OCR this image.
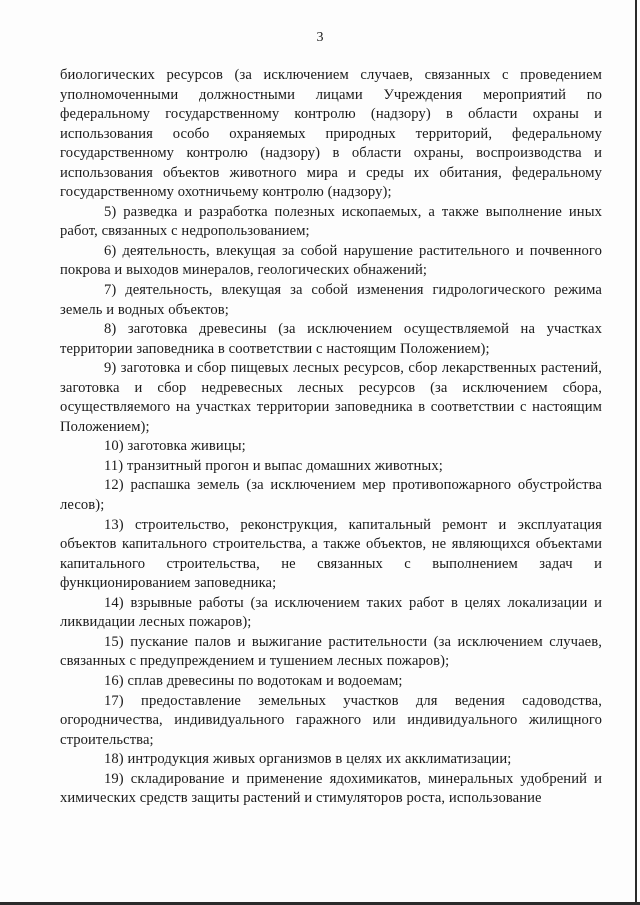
3

биологических ресурсов (за исключением случаев, связанных с проведением уполномоченными должностными лицами Учреждения мероприятий по федеральному государственному контролю (надзору) в области охраны и использования особо охраняемых природных территорий, федеральному государственному контролю (надзору) в области охраны, воспроизводства и использования объектов животного мира и среды их обитания, федеральному государственному охотничьему контролю (надзору);

5) разведка и разработка полезных ископаемых, а также выполнение иных работ, связанных с недропользованием;

6) деятельность, влекущая за собой нарушение растительного и почвенного покрова и выходов минералов, геологических обнажений;

7) деятельность, влекущая за собой изменения гидрологического режима земель и водных объектов;

8) заготовка древесины (за исключением осуществляемой на участках территории заповедника в соответствии с настоящим Положением);

9) заготовка и сбор пищевых лесных ресурсов, сбор лекарственных растений, заготовка и сбор недревесных лесных ресурсов (за исключением сбора, осуществляемого на участках территории заповедника в соответствии с настоящим Положением);

10) заготовка живицы;

11) транзитный прогон и выпас домашних животных;

12) распашка земель (за исключением мер противопожарного обустройства лесов);

13) строительство, реконструкция, капитальный ремонт и эксплуатация объектов капитального строительства, а также объектов, не являющихся объектами капитального строительства, не связанных с выполнением задач и функционированием заповедника;

14) взрывные работы (за исключением таких работ в целях локализации и ликвидации лесных пожаров);

15) пускание палов и выжигание растительности (за исключением случаев, связанных с предупреждением и тушением лесных пожаров);

16) сплав древесины по водотокам и водоемам;

17) предоставление земельных участков для ведения садоводства, огородничества, индивидуального гаражного или индивидуального жилищного строительства;

18) интродукция живых организмов в целях их акклиматизации;

19) складирование и применение ядохимикатов, минеральных удобрений и химических средств защиты растений и стимуляторов роста, использование
